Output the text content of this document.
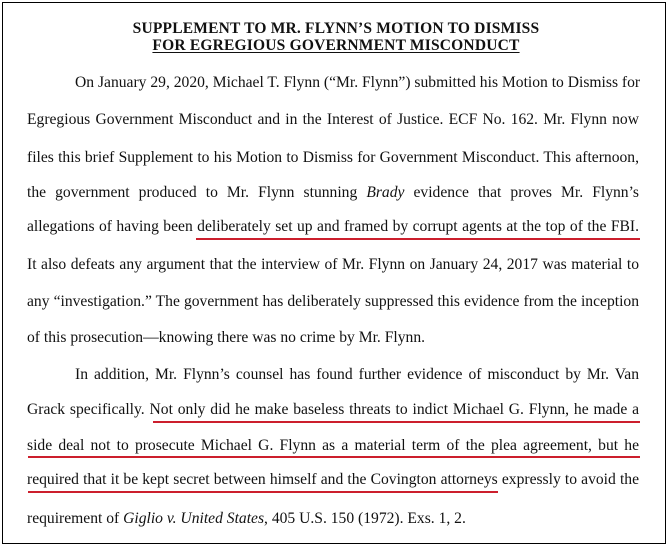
SUPPLEMENT TO MR. FLYNN’S MOTION TO DISMISS
FOR EGREGIOUS GOVERNMENT MISCONDUCT
On January 29, 2020, Michael T. Flynn (“Mr. Flynn”) submitted his Motion to Dismiss for
Egregious Government Misconduct and in the Interest of Justice. ECF No. 162. Mr. Flynn now
files this brief Supplement to his Motion to Dismiss for Government Misconduct. This afternoon,
the government produced to Mr. Flynn stunning Brady evidence that proves Mr. Flynn’s
allegations of having been deliberately set up and framed by corrupt agents at the top of the FBI.
It also defeats any argument that the interview of Mr. Flynn on January 24, 2017 was material to
any “investigation.” The government has deliberately suppressed this evidence from the inception
of this prosecution—knowing there was no crime by Mr. Flynn.
In addition, Mr. Flynn’s counsel has found further evidence of misconduct by Mr. Van
Grack specifically. Not only did he make baseless threats to indict Michael G. Flynn, he made a
side deal not to prosecute Michael G. Flynn as a material term of the plea agreement, but he
required that it be kept secret between himself and the Covington attorneys expressly to avoid the
requirement of Giglio v. United States, 405 U.S. 150 (1972). Exs. 1, 2.
